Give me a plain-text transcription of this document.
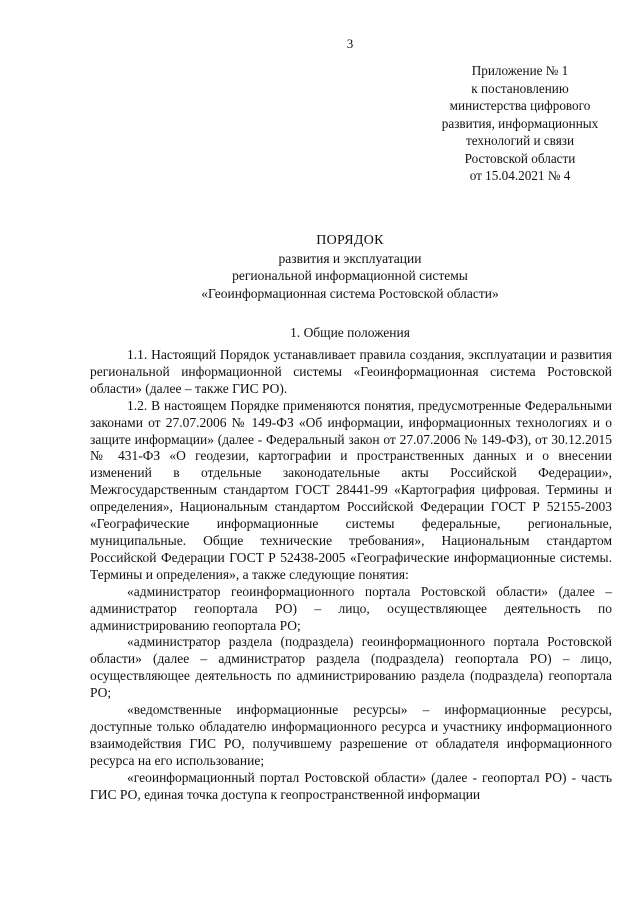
3
Приложение № 1
к постановлению
министерства цифрового
развития, информационных
технологий и связи
Ростовской области
от 15.04.2021 № 4
ПОРЯДОК
развития и эксплуатации
региональной информационной системы
«Геоинформационная система Ростовской области»
1. Общие положения

1.1. Настоящий Порядок устанавливает правила создания, эксплуатации и развития региональной информационной системы «Геоинформационная система Ростовской области» (далее – также ГИС РО).

1.2. В настоящем Порядке применяются понятия, предусмотренные Федеральными законами от 27.07.2006 № 149-ФЗ «Об информации, информационных технологиях и о защите информации» (далее - Федеральный закон от 27.07.2006 № 149-ФЗ), от 30.12.2015 № 431-ФЗ «О геодезии, картографии и пространственных данных и о внесении изменений в отдельные законодательные акты Российской Федерации», Межгосударственным стандартом ГОСТ 28441-99 «Картография цифровая. Термины и определения», Национальным стандартом Российской Федерации ГОСТ Р 52155-2003 «Географические информационные системы федеральные, региональные, муниципальные. Общие технические требования», Национальным стандартом Российской Федерации ГОСТ Р 52438-2005 «Географические информационные системы. Термины и определения», а также следующие понятия:

«администратор геоинформационного портала Ростовской области» (далее – администратор геопортала РО) – лицо, осуществляющее деятельность по администрированию геопортала РО;

«администратор раздела (подраздела) геоинформационного портала Ростовской области» (далее – администратор раздела (подраздела) геопортала РО) – лицо, осуществляющее деятельность по администрированию раздела (подраздела) геопортала РО;

«ведомственные информационные ресурсы» – информационные ресурсы, доступные только обладателю информационного ресурса и участнику информационного взаимодействия ГИС РО, получившему разрешение от обладателя информационного ресурса на его использование;

«геоинформационный портал Ростовской области» (далее - геопортал РО) - часть ГИС РО, единая точка доступа к геопространственной информации
